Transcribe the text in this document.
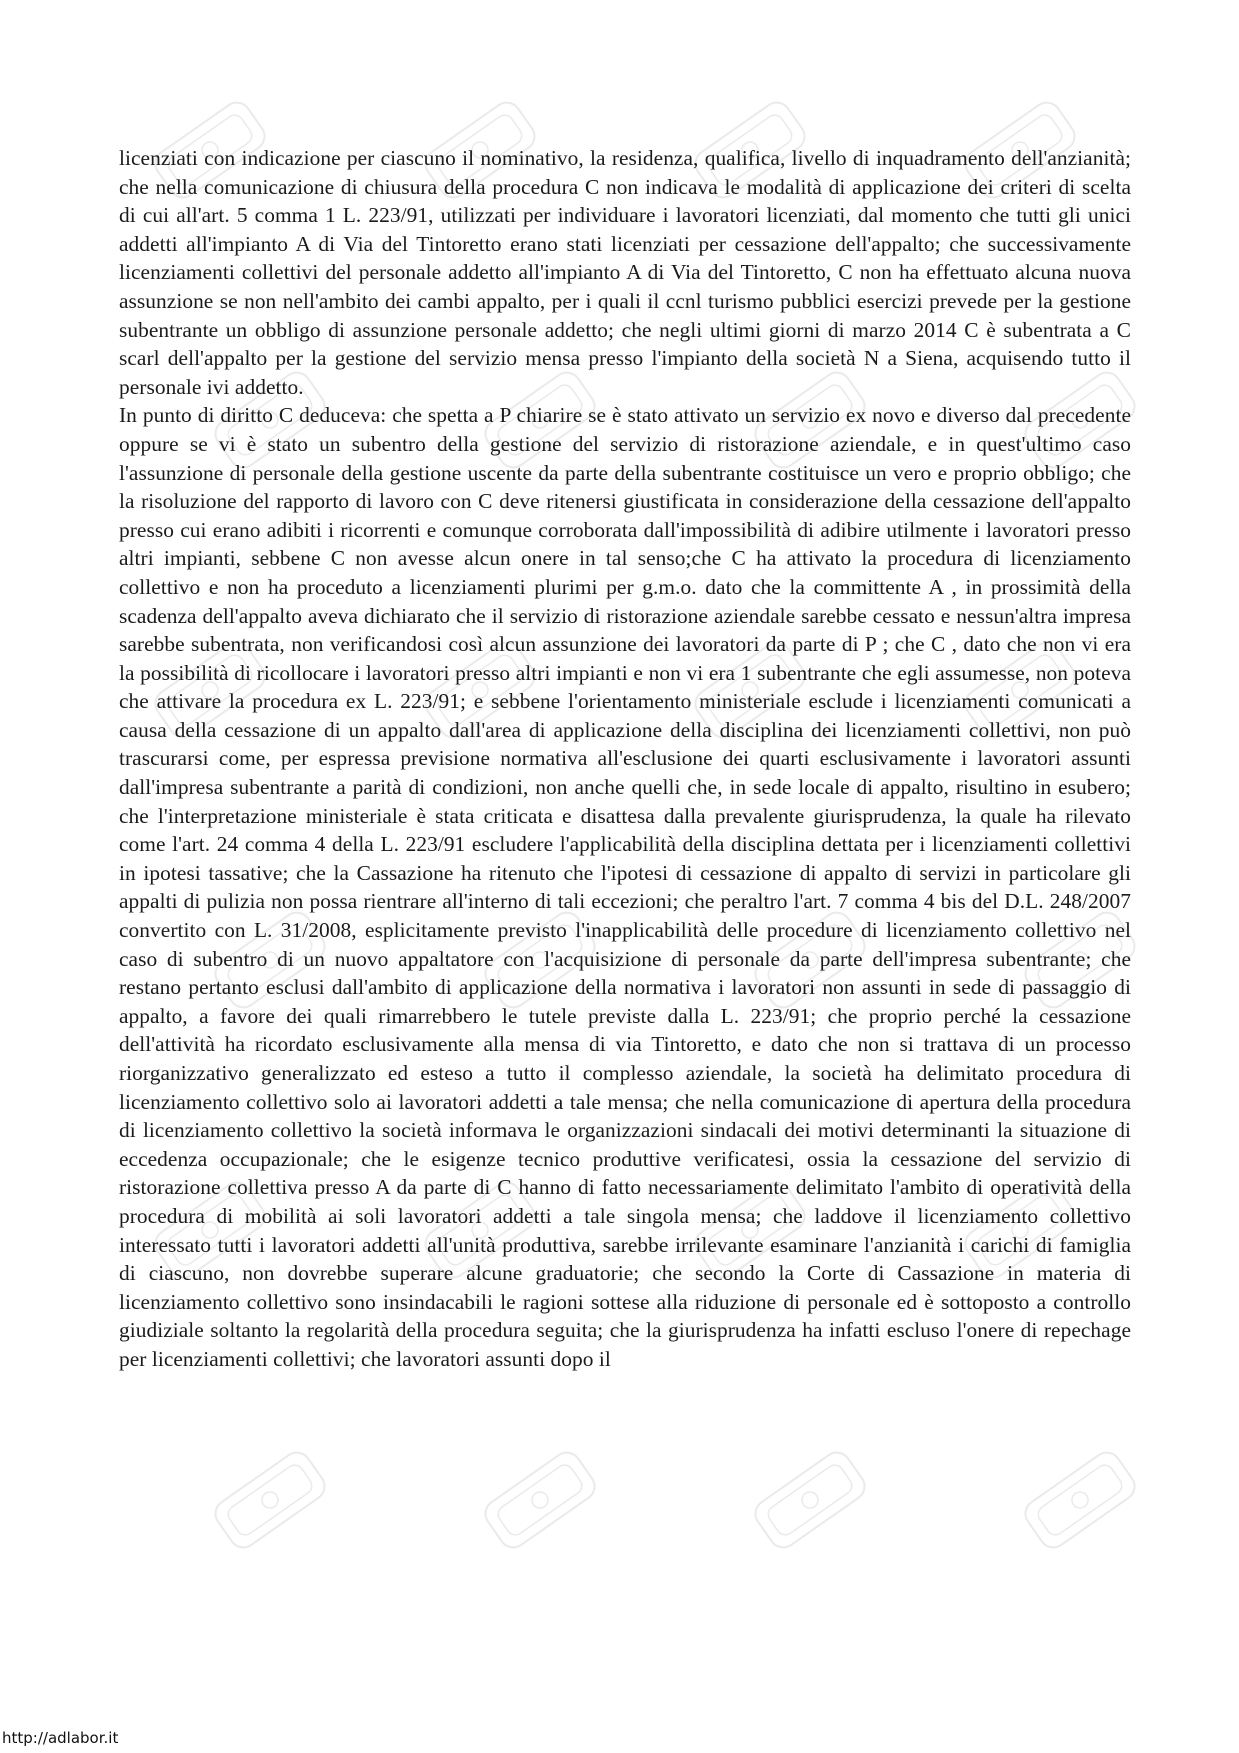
licenziati con indicazione per ciascuno il nominativo, la residenza, qualifica, livello di inquadramento dell'anzianità; che nella comunicazione di chiusura della procedura C non indicava le modalità di applicazione dei criteri di scelta di cui all'art. 5 comma 1 L. 223/91, utilizzati per individuare i lavoratori licenziati, dal momento che tutti gli unici addetti all'impianto A di Via del Tintoretto erano stati licenziati per cessazione dell'appalto; che successivamente licenziamenti collettivi del personale addetto all'impianto A di Via del Tintoretto, C non ha effettuato alcuna nuova assunzione se non nell'ambito dei cambi appalto, per i quali il ccnl turismo pubblici esercizi prevede per la gestione subentrante un obbligo di assunzione personale addetto; che negli ultimi giorni di marzo 2014 C è subentrata a C scarl dell'appalto per la gestione del servizio mensa presso l'impianto della società N a Siena, acquisendo tutto il personale ivi addetto.

In punto di diritto C deduceva: che spetta a P chiarire se è stato attivato un servizio ex novo e diverso dal precedente oppure se vi è stato un subentro della gestione del servizio di ristorazione aziendale, e in quest'ultimo caso l'assunzione di personale della gestione uscente da parte della subentrante costituisce un vero e proprio obbligo; che la risoluzione del rapporto di lavoro con C deve ritenersi giustificata in considerazione della cessazione dell'appalto presso cui erano adibiti i ricorrenti e comunque corroborata dall'impossibilità di adibire utilmente i lavoratori presso altri impianti, sebbene C non avesse alcun onere in tal senso;che C ha attivato la procedura di licenziamento collettivo e non ha proceduto a licenziamenti plurimi per g.m.o. dato che la committente A , in prossimità della scadenza dell'appalto aveva dichiarato che il servizio di ristorazione aziendale sarebbe cessato e nessun'altra impresa sarebbe subentrata, non verificandosi così alcun assunzione dei lavoratori da parte di P ; che C , dato che non vi era la possibilità di ricollocare i lavoratori presso altri impianti e non vi era 1 subentrante che egli assumesse, non poteva che attivare la procedura ex L. 223/91; e sebbene l'orientamento ministeriale esclude i licenziamenti comunicati a causa della cessazione di un appalto dall'area di applicazione della disciplina dei licenziamenti collettivi, non può trascurarsi come, per espressa previsione normativa all'esclusione dei quarti esclusivamente i lavoratori assunti dall'impresa subentrante a parità di condizioni, non anche quelli che, in sede locale di appalto, risultino in esubero; che l'interpretazione ministeriale è stata criticata e disattesa dalla prevalente giurisprudenza, la quale ha rilevato come l'art. 24 comma 4 della L. 223/91 escludere l'applicabilità della disciplina dettata per i licenziamenti collettivi in ipotesi tassative; che la Cassazione ha ritenuto che l'ipotesi di cessazione di appalto di servizi in particolare gli appalti di pulizia non possa rientrare all'interno di tali eccezioni; che peraltro l'art. 7 comma 4 bis del D.L. 248/2007 convertito con L. 31/2008, esplicitamente previsto l'inapplicabilità delle procedure di licenziamento collettivo nel caso di subentro di un nuovo appaltatore con l'acquisizione di personale da parte dell'impresa subentrante; che restano pertanto esclusi dall'ambito di applicazione della normativa i lavoratori non assunti in sede di passaggio di appalto, a favore dei quali rimarrebbero le tutele previste dalla L. 223/91; che proprio perché la cessazione dell'attività ha ricordato esclusivamente alla mensa di via Tintoretto, e dato che non si trattava di un processo riorganizzativo generalizzato ed esteso a tutto il complesso aziendale, la società ha delimitato procedura di licenziamento collettivo solo ai lavoratori addetti a tale mensa; che nella comunicazione di apertura della procedura di licenziamento collettivo la società informava le organizzazioni sindacali dei motivi determinanti la situazione di eccedenza occupazionale; che le esigenze tecnico produttive verificatesi, ossia la cessazione del servizio di ristorazione collettiva presso A da parte di C hanno di fatto necessariamente delimitato l'ambito di operatività della procedura di mobilità ai soli lavoratori addetti a tale singola mensa; che laddove il licenziamento collettivo interessato tutti i lavoratori addetti all'unità produttiva, sarebbe irrilevante esaminare l'anzianità i carichi di famiglia di ciascuno, non dovrebbe superare alcune graduatorie; che secondo la Corte di Cassazione in materia di licenziamento collettivo sono insindacabili le ragioni sottese alla riduzione di personale ed è sottoposto a controllo giudiziale soltanto la regolarità della procedura seguita; che la giurisprudenza ha infatti escluso l'onere di repechage per licenziamenti collettivi; che lavoratori assunti dopo il

http://adlabor.it
